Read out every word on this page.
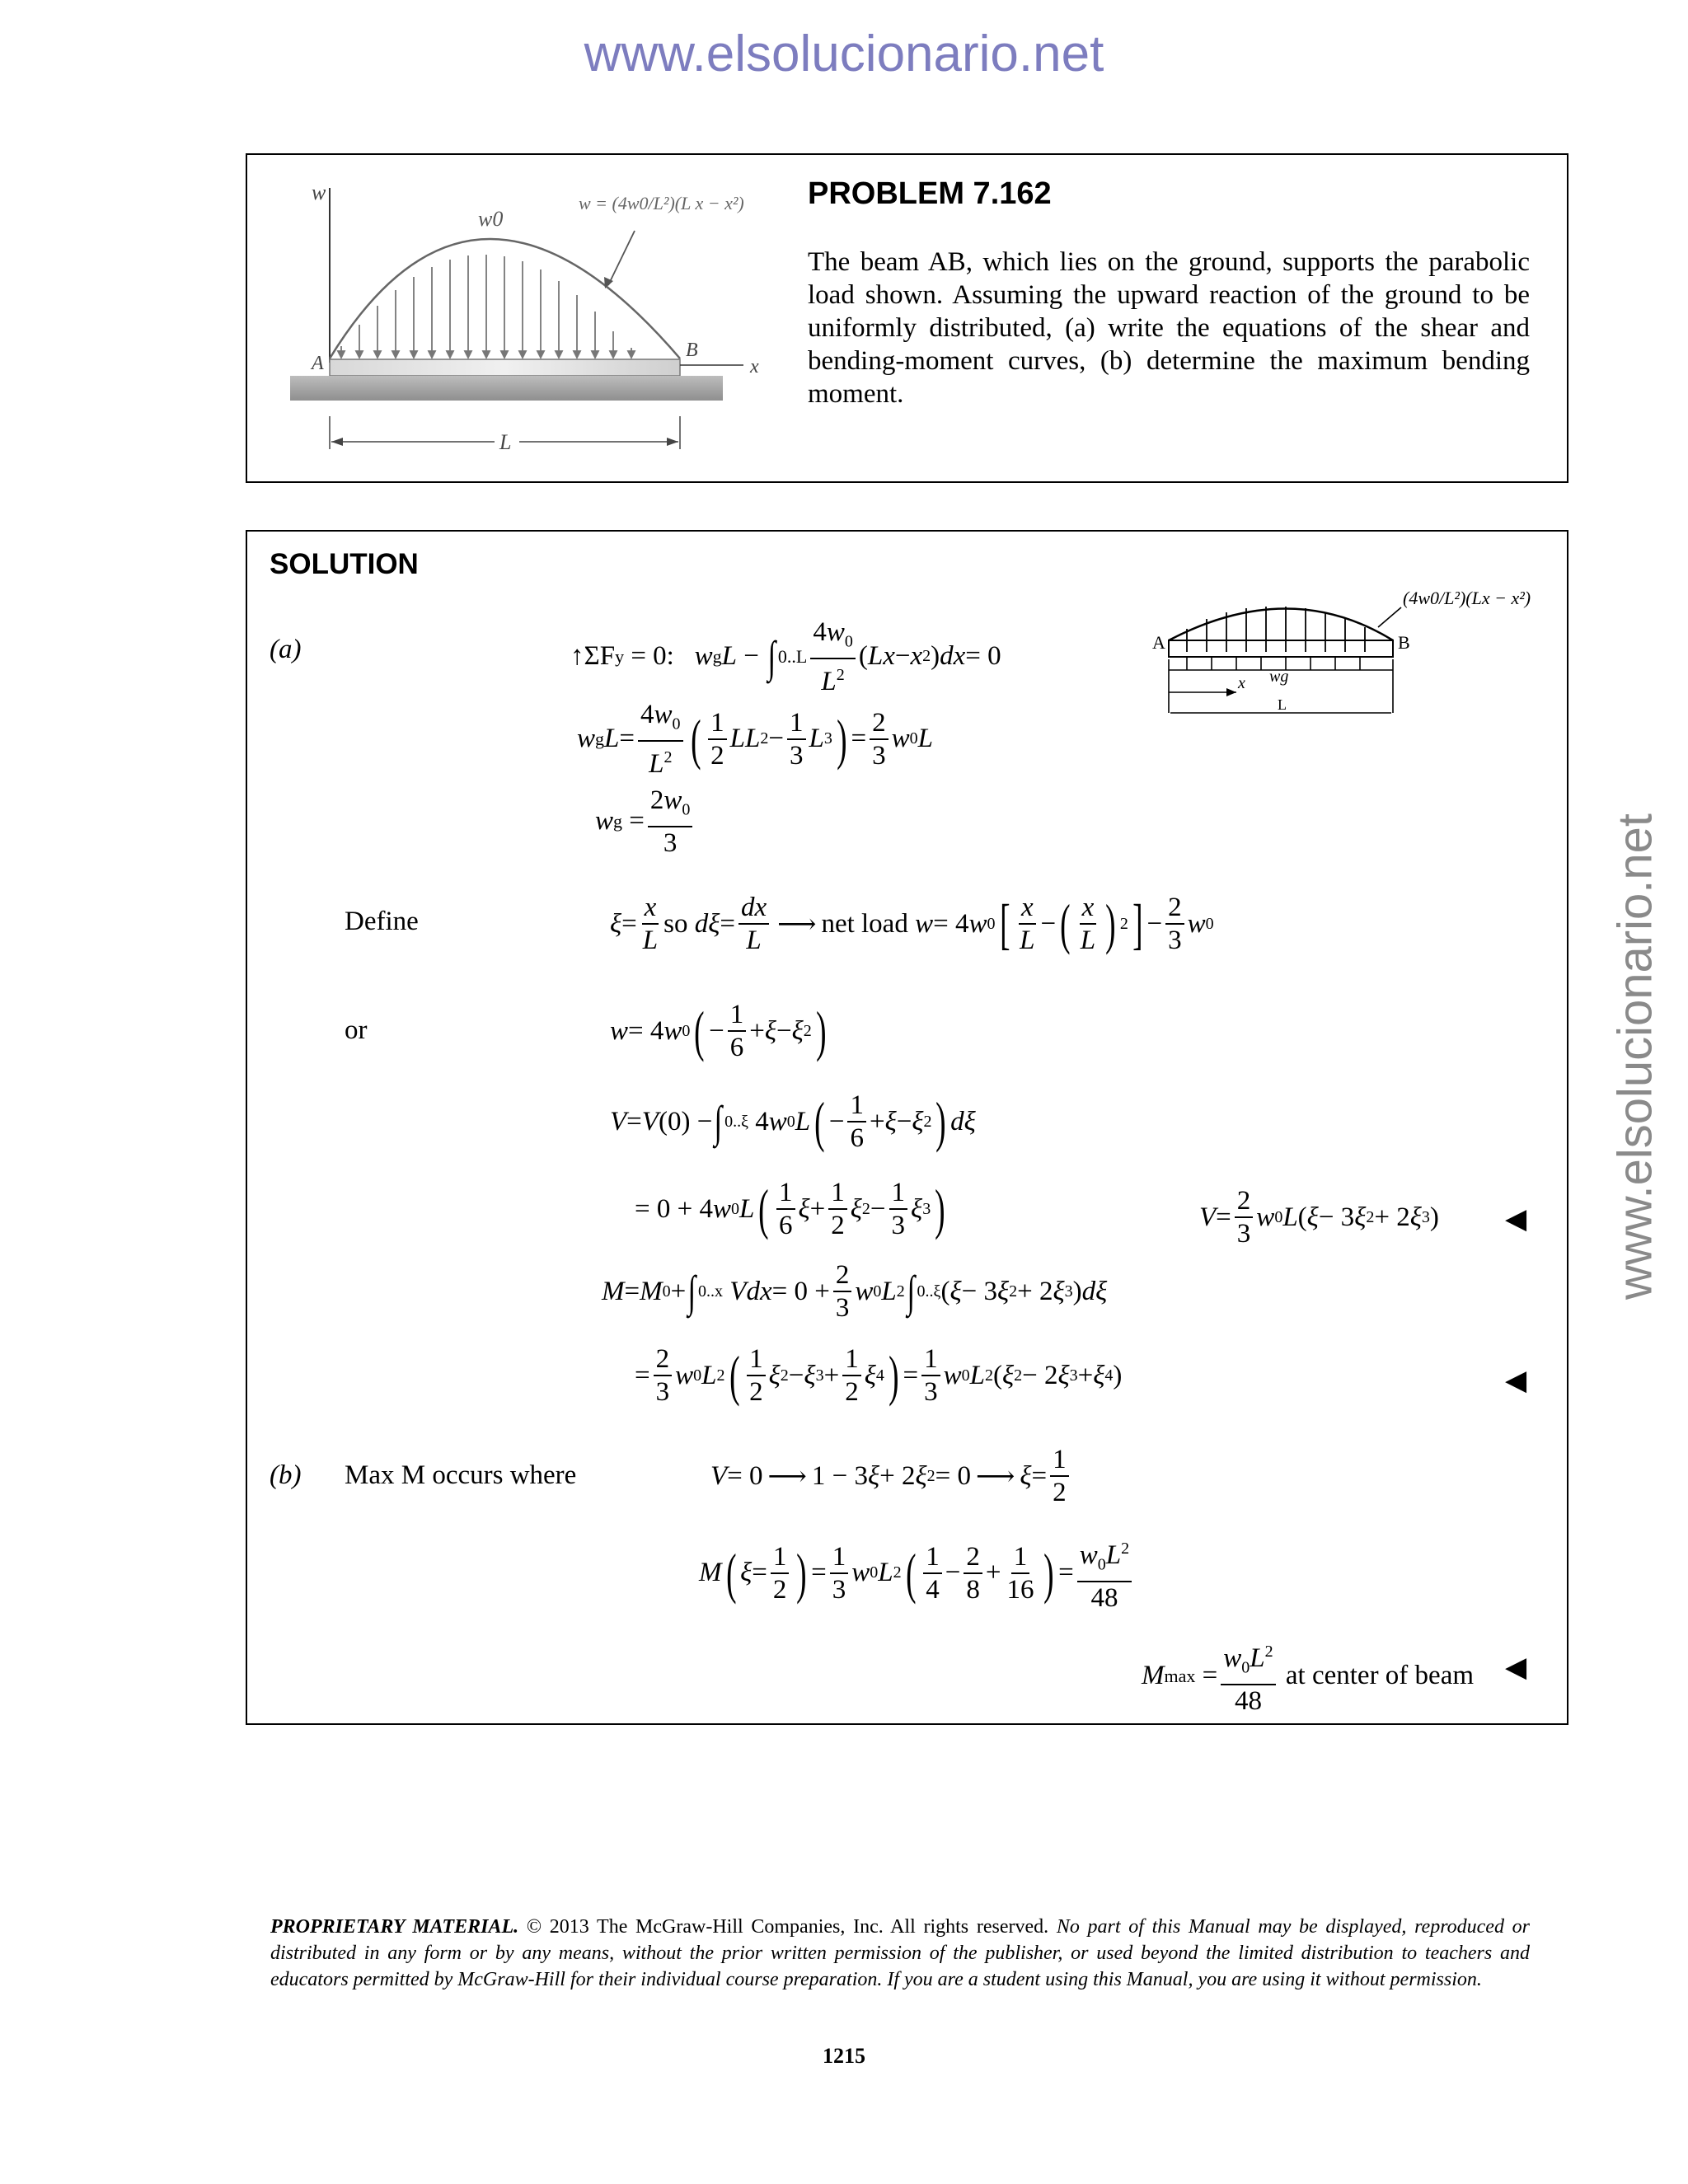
www.elsolucionario.net
www.elsolucionario.net
w
x
A
B
w0
w = (4w0/L²)(L x − x²)
L
PROBLEM 7.162
The beam AB, which lies on the ground, supports the parabolic load shown. Assuming the upward reaction of the ground to be uniformly distributed, (a) write the equations of the shear and bending-moment curves, (b) determine the maximum bending moment.
SOLUTION
A	B
wg
x
L
(4w0/L²)(Lx − x²)
(a)	↑ΣF y = 0: w g L − ∫ 0..L
$4w_0$
$L^2$
( Lx − x 2 ) dx = 0
w g L =
$4w_0$
$L^2$ ( 1
2
LL 2 −
1
3
L 3 ) =
2
3
w 0 L
w g =
$2w_0$
3
Define	ξ =
x
L
so
dξ =
dx
L
⟶ net load
w = 4 w 0 [ x
L
− ( x
L ) 2 ] −
2
3
w 0
or	w = 4 w 0 ( −
1
6
+ ξ − ξ 2 )
V = V (0) − ∫ 0..ξ 4 w 0 L ( −
1
6
+ ξ − ξ 2 ) dξ
= 0 + 4 w 0 L ( 1
6
ξ +
1
2
ξ 2 −
1
3
ξ 3 )	V =
2
3
w 0 L ( ξ − 3 ξ 2 + 2 ξ 3 ) ◀
M = M 0 + ∫ 0..x
Vdx = 0 +
2
3
w 0 L 2 ∫ 0..ξ ( ξ − 3 ξ 2 + 2 ξ 3 ) dξ
=
2
3
w 0 L 2 ( 1
2
ξ 2 − ξ 3 +
1
2
ξ 4 ) =
1
3
w 0 L 2 ( ξ 2 − 2 ξ 3 + ξ 4 )	◀
(b) Max M occurs where	V = 0 ⟶ 1 − 3 ξ + 2 ξ 2 = 0 ⟶ ξ =
1
2
M ( ξ =
1
2 ) =
1
3
w 0 L 2 ( 1
4
−
2
8
+
1
16 ) =
$w_0L^2$
48
M max =
$w_0L^2$
48

at center of beam ◀
PROPRIETARY MATERIAL. © 2013 The McGraw-Hill Companies, Inc. All rights reserved. No part of this Manual may be displayed, reproduced or distributed in any form or by any means, without the prior written permission of the publisher, or used beyond the limited distribution to teachers and educators permitted by McGraw-Hill for their individual course preparation. If you are a student using this Manual, you are using it without permission.
1215
